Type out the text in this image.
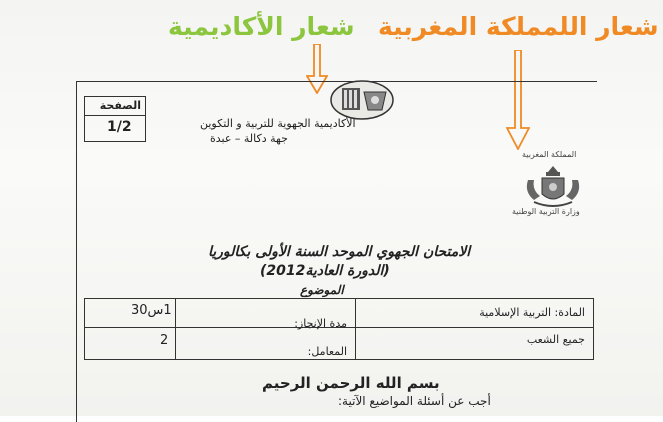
شعار الأكاديمية شعار اللمملكة المغربية
الصفحة
1/2	الأكاديمية الجهوية للتربية و التكوين
جهة دكالة – عبدة
المملكة المغربية
وزارة التربية الوطنية
الامتحان الجهوي الموحد السنة الأولى بكالوريا
(الدورة العادية2012)
الموضوع
المادة: التربية الإسلامية
مدة الإنجاز:
1س30
جميع الشعب
المعامل:
2
بسم الله الرحمن الرحيم
أجب عن أسئلة المواضيع الآتية:
